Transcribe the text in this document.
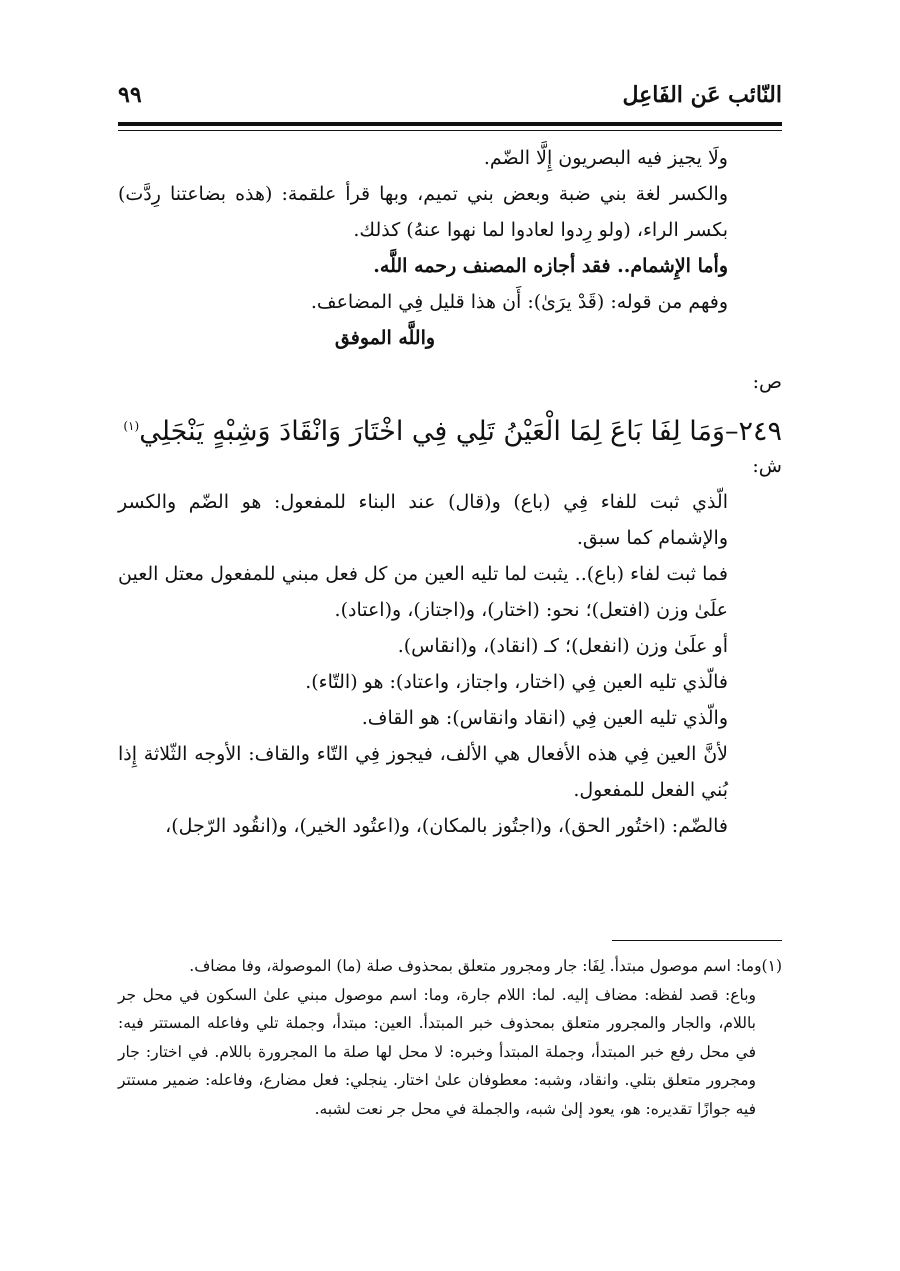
النّائب عَن الفَاعِل
٩٩

ولَا يجيز فيه البصريون إِلَّا الضّم.

والكسر لغة بني ضبة وبعض بني تميم، وبها قرأ علقمة: (هذه بضاعتنا رِدَّت) بكسر الراء، (ولو رِدوا لعادوا لما نهوا عنهُ) كذلك.

وأما الإِشمام.. فقد أجازه المصنف رحمه اللَّه.

وفهم من قوله: (قَدْ يرَىٰ): أَن هذا قليل فِي المضاعف.

واللَّه الموفق

ص:

٢٤٩–وَمَا لِفَا بَاعَ لِمَا الْعَيْنُ تَلِي فِي اخْتَارَ وَانْقَادَ وَشِبْهٍ يَنْجَلِي$^{(١)}$

ش:

الّذي ثبت للفاء فِي (باع) و(قال) عند البناء للمفعول: هو الضّم والكسر والإشمام كما سبق.

فما ثبت لفاء (باع).. يثبت لما تليه العين من كل فعل مبني للمفعول معتل العين علَىٰ وزن (افتعل)؛ نحو: (اختار)، و(اجتاز)، و(اعتاد).

أو علَىٰ وزن (انفعل)؛ كـ (انقاد)، و(انقاس).

فالّذي تليه العين فِي (اختار، واجتاز، واعتاد): هو (التّاء).

والّذي تليه العين فِي (انقاد وانقاس): هو القاف.

لأنَّ العين فِي هذه الأفعال هي الألف، فيجوز فِي التّاء والقاف: الأوجه الثّلاثة إِذا بُني الفعل للمفعول.

فالضّم: (اختُور الحق)، و(اجتُوز بالمكان)، و(اعتُود الخير)، و(انقُود الرّجل)،

(١)وما: اسم موصول مبتدأ. لِفَا: جار ومجرور متعلق بمحذوف صلة (ما) الموصولة، وفا مضاف.

وباع: قصد لفظه: مضاف إليه. لما: اللام جارة، وما: اسم موصول مبني علىٰ السكون في محل جر باللام، والجار والمجرور متعلق بمحذوف خبر المبتدأ. العين: مبتدأ، وجملة تلي وفاعله المستتر فيه: في محل رفع خبر المبتدأ، وجملة المبتدأ وخبره: لا محل لها صلة ما المجرورة باللام. في اختار: جار ومجرور متعلق بتلي. وانقاد، وشبه: معطوفان علىٰ اختار. ينجلي: فعل مضارع، وفاعله: ضمير مستتر فيه جوازًا تقديره: هو، يعود إلىٰ شبه، والجملة في محل جر نعت لشبه.
